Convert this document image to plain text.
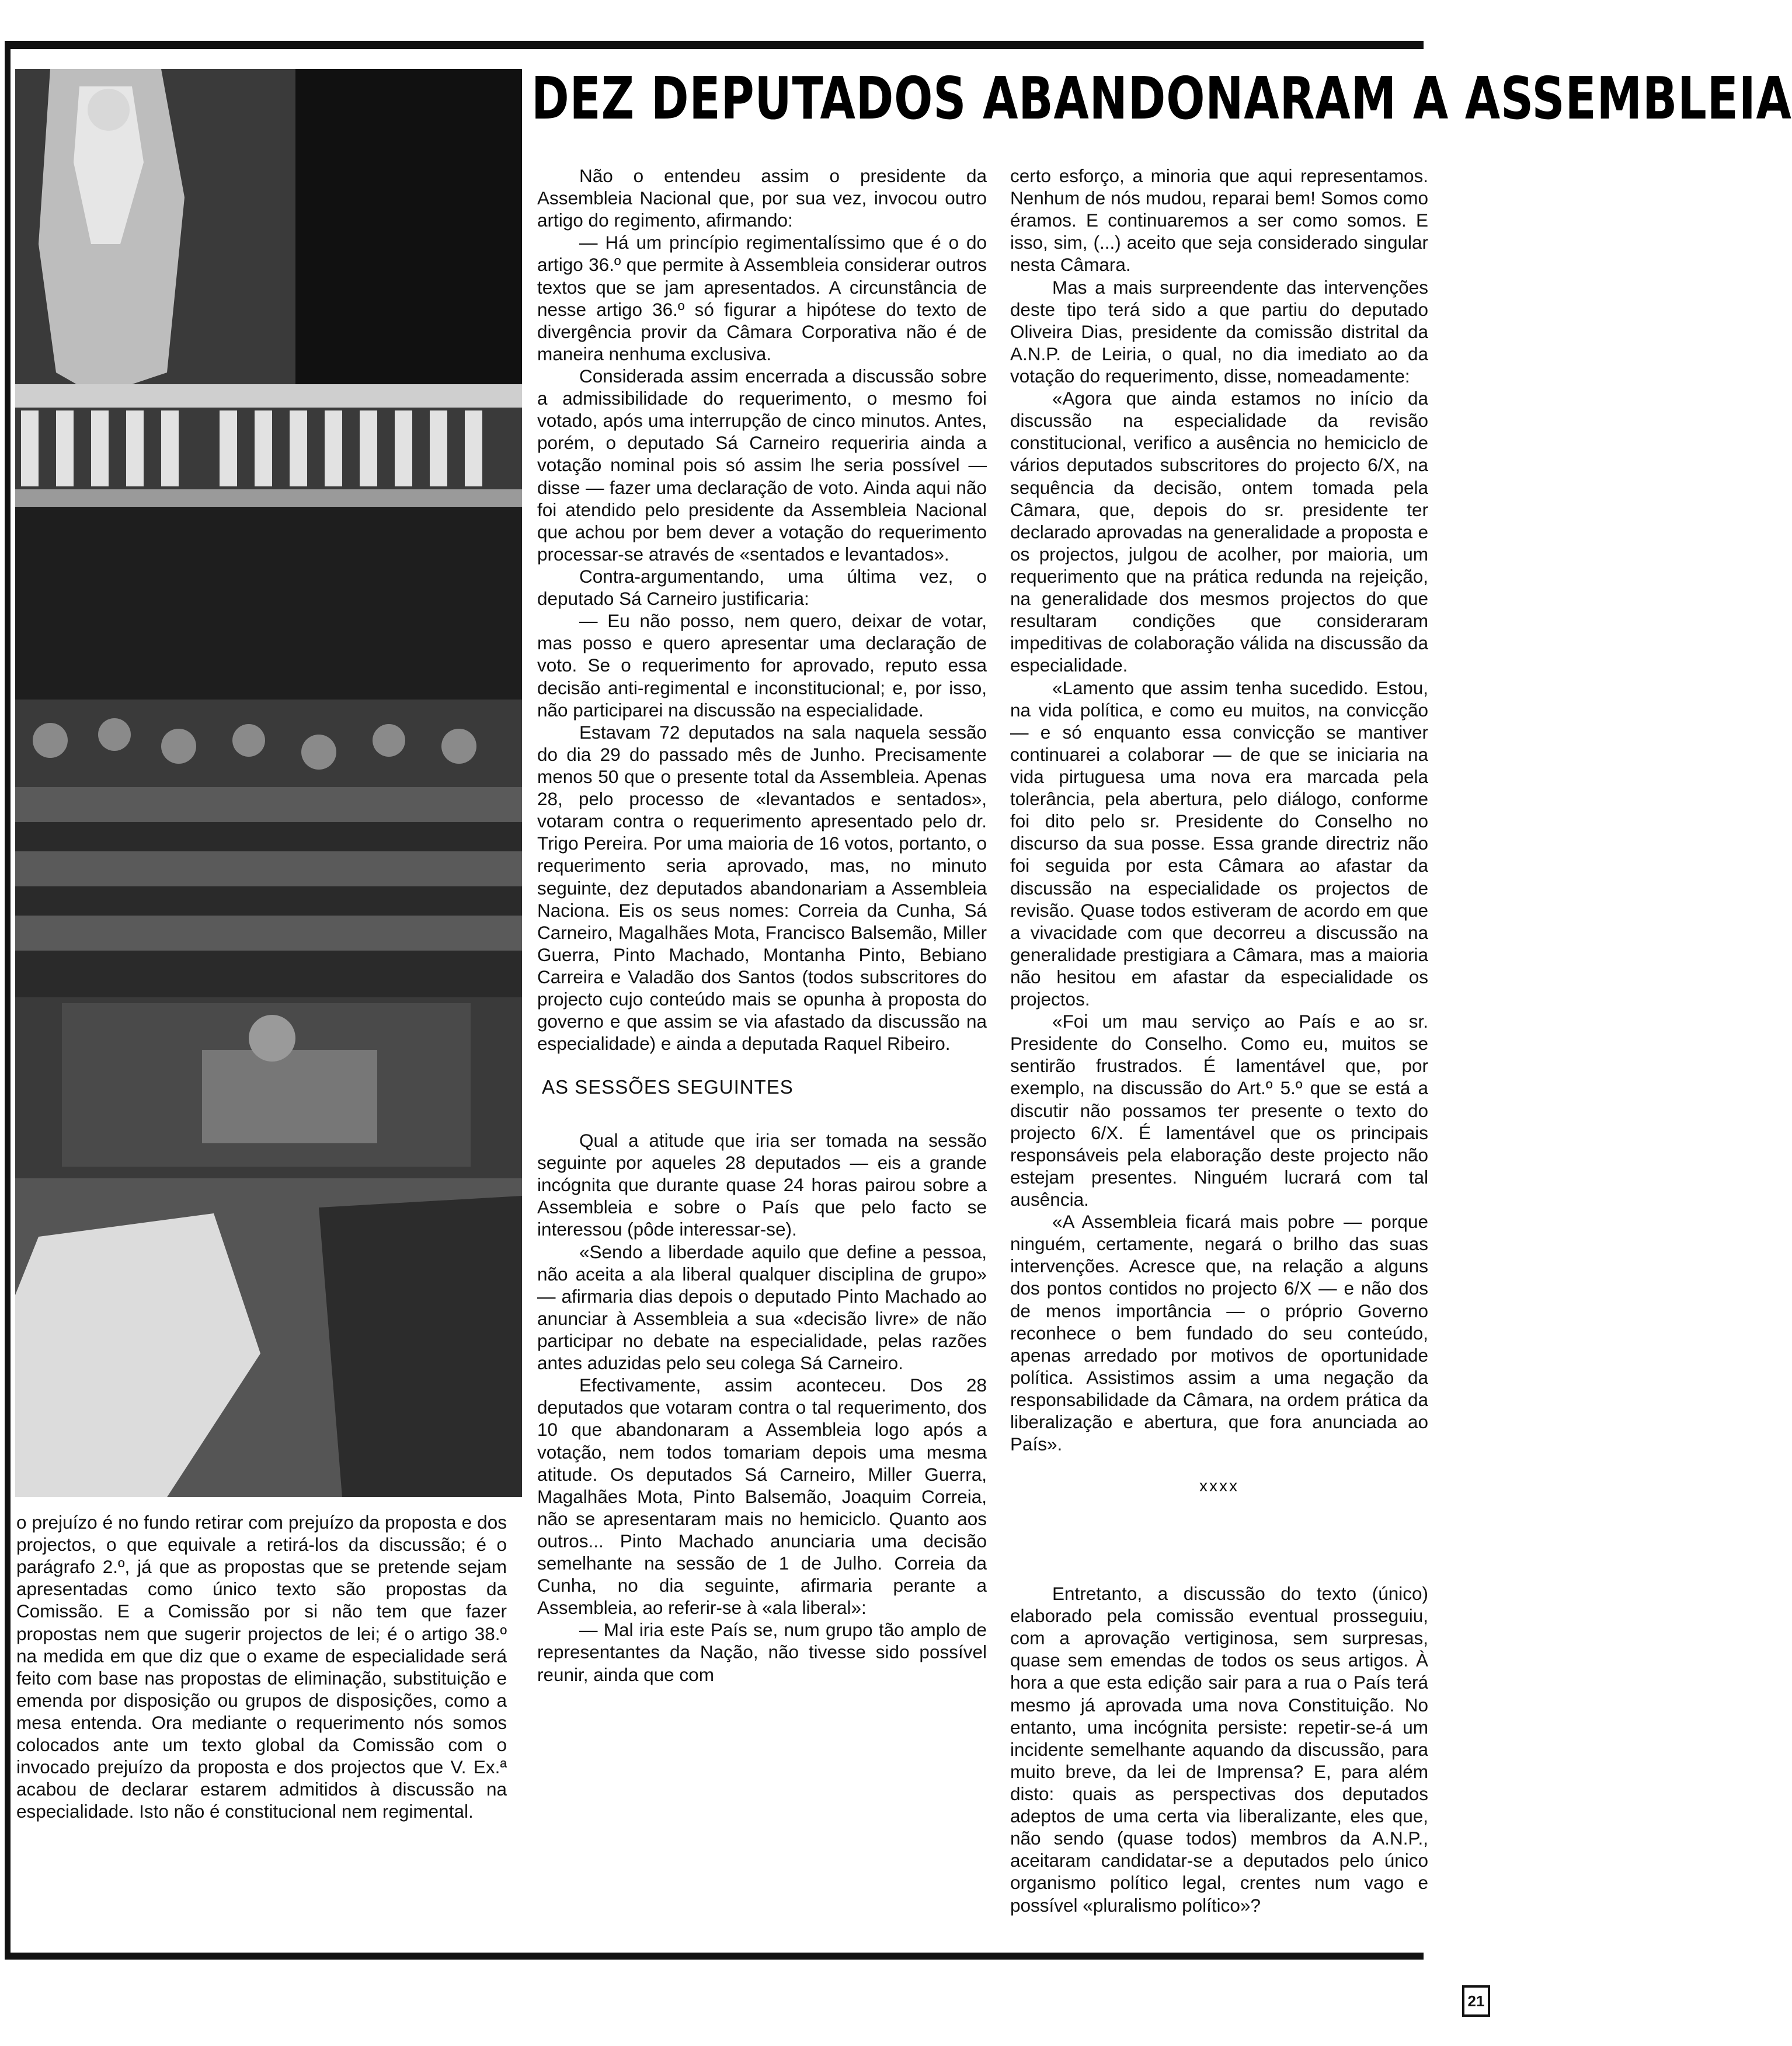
DEZ DEPUTADOS ABANDONARAM A ASSEMBLEIA

Não o entendeu assim o presidente da Assembleia Nacional que, por sua vez, invocou outro artigo do regimento, afirmando:

— Há um princípio regimentalíssimo que é o do artigo 36.º que permite à Assembleia considerar outros textos que se jam apresentados. A circunstância de nesse artigo 36.º só figurar a hipótese do texto de divergência provir da Câmara Corporativa não é de maneira nenhuma exclusiva.

Considerada assim encerrada a discussão sobre a admissibilidade do requerimento, o mesmo foi votado, após uma interrupção de cinco minutos. Antes, porém, o deputado Sá Carneiro requeriria ainda a votação nominal pois só assim lhe seria possível — disse — fazer uma declaração de voto. Ainda aqui não foi atendido pelo presidente da Assembleia Nacional que achou por bem dever a votação do requerimento processar-se através de «sentados e levantados».

Contra-argumentando, uma última vez, o deputado Sá Carneiro justificaria:

— Eu não posso, nem quero, deixar de votar, mas posso e quero apresentar uma declaração de voto. Se o requerimento for aprovado, reputo essa decisão anti-regimental e inconstitucional; e, por isso, não participarei na discussão na especialidade.

Estavam 72 deputados na sala naquela sessão do dia 29 do passado mês de Junho. Precisamente menos 50 que o presente total da Assembleia. Apenas 28, pelo processo de «levantados e sentados», votaram contra o requerimento apresentado pelo dr. Trigo Pereira. Por uma maioria de 16 votos, portanto, o requerimento seria aprovado, mas, no minuto seguinte, dez deputados abandonariam a Assembleia Naciona. Eis os seus nomes: Correia da Cunha, Sá Carneiro, Magalhães Mota, Francisco Balsemão, Miller Guerra, Pinto Machado, Montanha Pinto, Bebiano Carreira e Valadão dos Santos (todos subscritores do projecto cujo conteúdo mais se opunha à proposta do governo e que assim se via afastado da discussão na especialidade) e ainda a deputada Raquel Ribeiro.

AS SESSÕES SEGUINTES

Qual a atitude que iria ser tomada na sessão seguinte por aqueles 28 deputados — eis a grande incógnita que durante quase 24 horas pairou sobre a Assembleia e sobre o País que pelo facto se interessou (pôde interessar-se).

«Sendo a liberdade aquilo que define a pessoa, não aceita a ala liberal qualquer disciplina de grupo» — afirmaria dias depois o deputado Pinto Machado ao anunciar à Assembleia a sua «decisão livre» de não participar no debate na especialidade, pelas razões antes aduzidas pelo seu colega Sá Carneiro.

Efectivamente, assim aconteceu. Dos 28 deputados que votaram contra o tal requerimento, dos 10 que abandonaram a Assembleia logo após a votação, nem todos tomariam depois uma mesma atitude. Os deputados Sá Carneiro, Miller Guerra, Magalhães Mota, Pinto Balsemão, Joaquim Correia, não se apresentaram mais no hemiciclo. Quanto aos outros... Pinto Machado anunciaria uma decisão semelhante na sessão de 1 de Julho. Correia da Cunha, no dia seguinte, afirmaria perante a Assembleia, ao referir-se à «ala liberal»:

— Mal iria este País se, num grupo tão amplo de representantes da Nação, não tivesse sido possível reunir, ainda que com

certo esforço, a minoria que aqui representamos. Nenhum de nós mudou, reparai bem! Somos como éramos. E continuaremos a ser como somos. E isso, sim, (...) aceito que seja considerado singular nesta Câmara.

Mas a mais surpreendente das intervenções deste tipo terá sido a que partiu do deputado Oliveira Dias, presidente da comissão distrital da A.N.P. de Leiria, o qual, no dia imediato ao da votação do requerimento, disse, nomeadamente:

«Agora que ainda estamos no início da discussão na especialidade da revisão constitucional, verifico a ausência no hemiciclo de vários deputados subscritores do projecto 6/X, na sequência da decisão, ontem tomada pela Câmara, que, depois do sr. presidente ter declarado aprovadas na generalidade a proposta e os projectos, julgou de acolher, por maioria, um requerimento que na prática redunda na rejeição, na generalidade dos mesmos projectos do que resultaram condições que consideraram impeditivas de colaboração válida na discussão da especialidade.

«Lamento que assim tenha sucedido. Estou, na vida política, e como eu muitos, na convicção — e só enquanto essa convicção se mantiver continuarei a colaborar — de que se iniciaria na vida pirtuguesa uma nova era marcada pela tolerância, pela abertura, pelo diálogo, conforme foi dito pelo sr. Presidente do Conselho no discurso da sua posse. Essa grande directriz não foi seguida por esta Câmara ao afastar da discussão na especialidade os projectos de revisão. Quase todos estiveram de acordo em que a vivacidade com que decorreu a discussão na generalidade prestigiara a Câmara, mas a maioria não hesitou em afastar da especialidade os projectos.

«Foi um mau serviço ao País e ao sr. Presidente do Conselho. Como eu, muitos se sentirão frustrados. É lamentável que, por exemplo, na discussão do Art.º 5.º que se está a discutir não possamos ter presente o texto do projecto 6/X. É lamentável que os principais responsáveis pela elaboração deste projecto não estejam presentes. Ninguém lucrará com tal ausência.

«A Assembleia ficará mais pobre — porque ninguém, certamente, negará o brilho das suas intervenções. Acresce que, na relação a alguns dos pontos contidos no projecto 6/X — e não dos de menos importância — o próprio Governo reconhece o bem fundado do seu conteúdo, apenas arredado por motivos de oportunidade política. Assistimos assim a uma negação da responsabilidade da Câmara, na ordem prática da liberalização e abertura, que fora anunciada ao País».

xxxx

Entretanto, a discussão do texto (único) elaborado pela comissão eventual prosseguiu, com a aprovação vertiginosa, sem surpresas, quase sem emendas de todos os seus artigos. À hora a que esta edição sair para a rua o País terá mesmo já aprovada uma nova Constituição. No entanto, uma incógnita persiste: repetir-se-á um incidente semelhante aquando da discussão, para muito breve, da lei de Imprensa? E, para além disto: quais as perspectivas dos deputados adeptos de uma certa via liberalizante, eles que, não sendo (quase todos) membros da A.N.P., aceitaram candidatar-se a deputados pelo único organismo político legal, crentes num vago e possível «pluralismo político»?

o prejuízo é no fundo retirar com prejuízo da proposta e dos projectos, o que equivale a retirá-los da discussão; é o parágrafo 2.º, já que as propostas que se pretende sejam apresentadas como único texto são propostas da Comissão. E a Comissão por si não tem que fazer propostas nem que sugerir projectos de lei; é o artigo 38.º na medida em que diz que o exame de especialidade será feito com base nas propostas de eliminação, substituição e emenda por disposição ou grupos de disposições, como a mesa entenda. Ora mediante o requerimento nós somos colocados ante um texto global da Comissão com o invocado prejuízo da proposta e dos projectos que V. Ex.ª acabou de declarar estarem admitidos à discussão na especialidade. Isto não é constitucional nem regimental.

21
